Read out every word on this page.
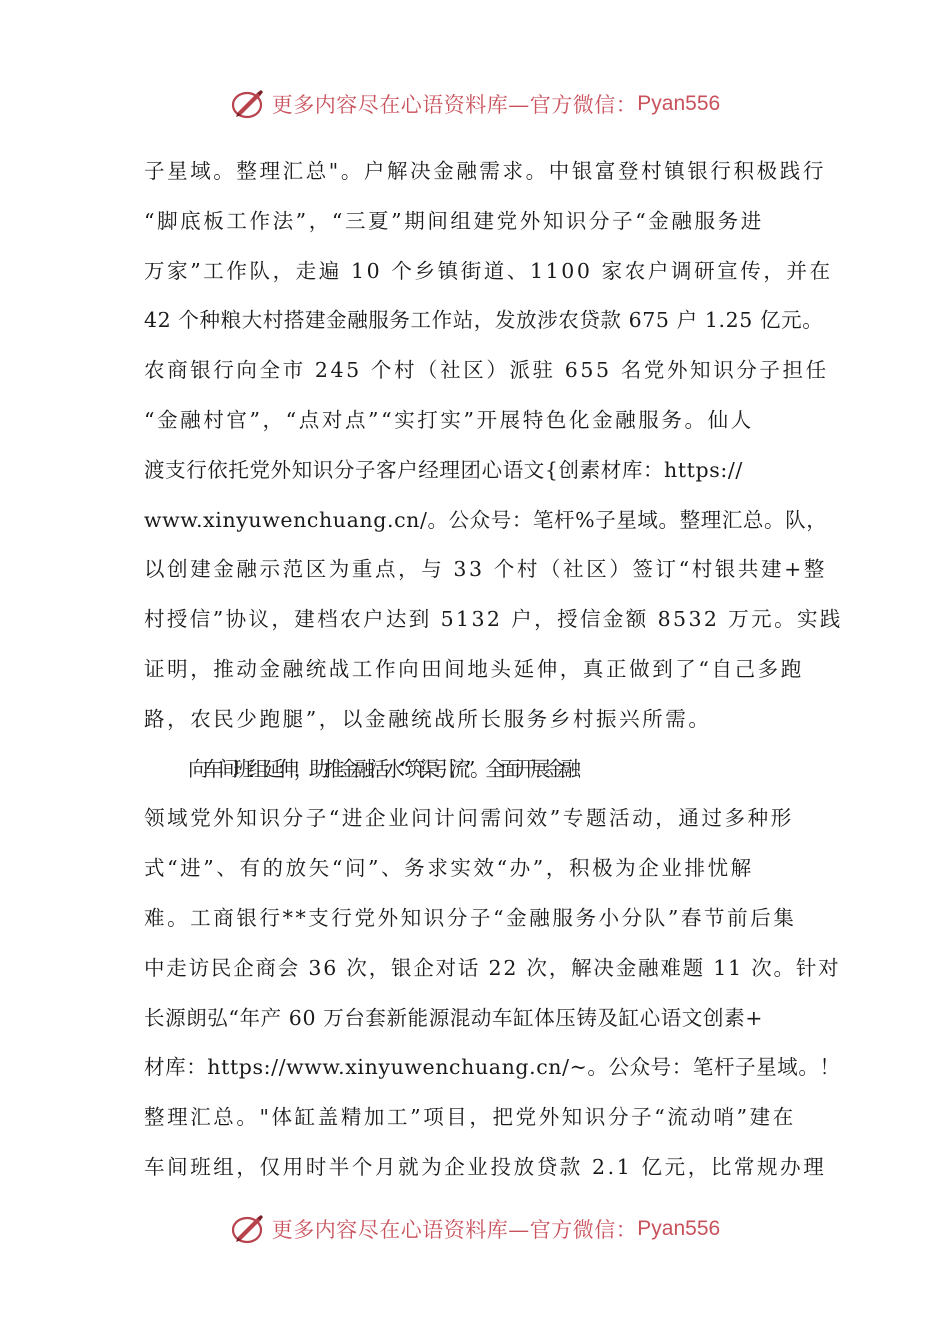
更多内容尽在心语资料库—官方微信： Pyan556
子星域。整理汇总"。户解决金融需求。中银富登村镇银行积极践行
“脚底板工作法”，“三夏”期间组建党外知识分子“金融服务进
万家”工作队，走遍 10 个乡镇街道、1100 家农户调研宣传，并在
42 个种粮大村搭建金融服务工作站，发放涉农贷款 675 户 1.25 亿元。
农商银行向全市 245 个村（社区）派驻 655 名党外知识分子担任
“金融村官”，“点对点”“实打实”开展特色化金融服务。仙人
渡支行依托党外知识分子客户经理团心语文{创素材库：https://
www.xinyuwenchuang.cn/。公众号：笔杆%子星域。整理汇总。队，
以创建金融示范区为重点，与 33 个村（社区）签订“村银共建+整
村授信”协议，建档农户达到 5132 户，授信金额 8532 万元。实践
证明，推动金融统战工作向田间地头延伸，真正做到了“自己多跑
路，农民少跑腿”，以金融统战所长服务乡村振兴所需。
向车间班组延伸，助推金融活水“筑渠引流”。全面开展金融
领域党外知识分子“进企业问计问需问效”专题活动，通过多种形
式“进”、有的放矢“问”、务求实效“办”，积极为企业排忧解
难。工商银行**支行党外知识分子“金融服务小分队”春节前后集
中走访民企商会 36 次，银企对话 22 次，解决金融难题 11 次。针对
长源朗弘“年产 60 万台套新能源混动车缸体压铸及缸心语文创素+
材库：https://www.xinyuwenchuang.cn/~。公众号：笔杆子星域。！
整理汇总。"体缸盖精加工”项目，把党外知识分子“流动哨”建在
车间班组，仅用时半个月就为企业投放贷款 2.1 亿元，比常规办理
更多内容尽在心语资料库—官方微信： Pyan556
